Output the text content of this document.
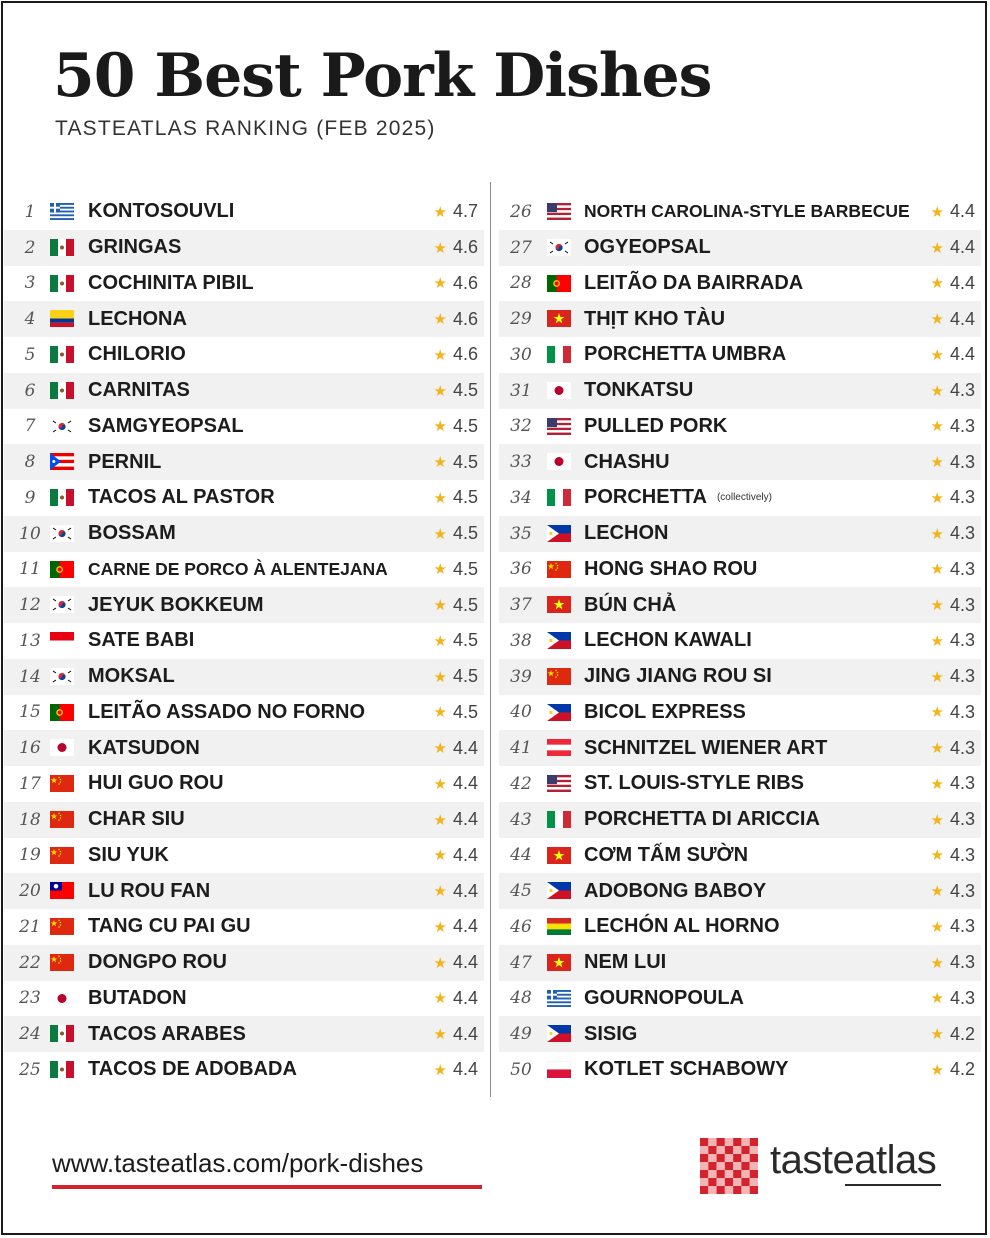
50 Best Pork Dishes
TASTEATLAS RANKING (FEB 2025)
1	KONTOSOUVLI	★ 4.7
2	GRINGAS	★ 4.6
3	COCHINITA PIBIL	★ 4.6
4	LECHONA	★ 4.6
5	CHILORIO	★ 4.6
6	CARNITAS	★ 4.5
7	SAMGYEOPSAL	★ 4.5
8	PERNIL	★ 4.5
9	TACOS AL PASTOR	★ 4.5
10	BOSSAM	★ 4.5
11	CARNE DE PORCO À ALENTEJANA	★ 4.5
12	JEYUK BOKKEUM	★ 4.5
13	SATE BABI	★ 4.5
14	MOKSAL	★ 4.5
15	LEITÃO ASSADO NO FORNO	★ 4.5
16	KATSUDON	★ 4.4
17	HUI GUO ROU	★ 4.4
18	CHAR SIU	★ 4.4
19	SIU YUK	★ 4.4
20	LU ROU FAN	★ 4.4
21	TANG CU PAI GU	★ 4.4
22	DONGPO ROU	★ 4.4
23	BUTADON	★ 4.4
24	TACOS ARABES	★ 4.4
25	TACOS DE ADOBADA	★ 4.4
26	NORTH CAROLINA-STYLE BARBECUE ★ 4.4
27	OGYEOPSAL	★ 4.4
28	LEITÃO DA BAIRRADA	★ 4.4
29	THỊT KHO TÀU	★ 4.4
30	PORCHETTA UMBRA	★ 4.4
31	TONKATSU	★ 4.3
32	PULLED PORK	★ 4.3
33	CHASHU	★ 4.3
34	PORCHETTA (collectively)	★ 4.3
35	LECHON	★ 4.3
36	HONG SHAO ROU	★ 4.3
37	BÚN CHẢ	★ 4.3
38	LECHON KAWALI	★ 4.3
39	JING JIANG ROU SI	★ 4.3
40	BICOL EXPRESS	★ 4.3
41	SCHNITZEL WIENER ART	★ 4.3
42	ST. LOUIS-STYLE RIBS	★ 4.3
43	PORCHETTA DI ARICCIA	★ 4.3
44	CƠM TẤM SƯỜN	★ 4.3
45	ADOBONG BABOY	★ 4.3
46	LECHÓN AL HORNO	★ 4.3
47	NEM LUI	★ 4.3
48	GOURNOPOULA	★ 4.3
49	SISIG	★ 4.2
50	KOTLET SCHABOWY	★ 4.2
www.tasteatlas.com/pork-dishes	tasteatlas
